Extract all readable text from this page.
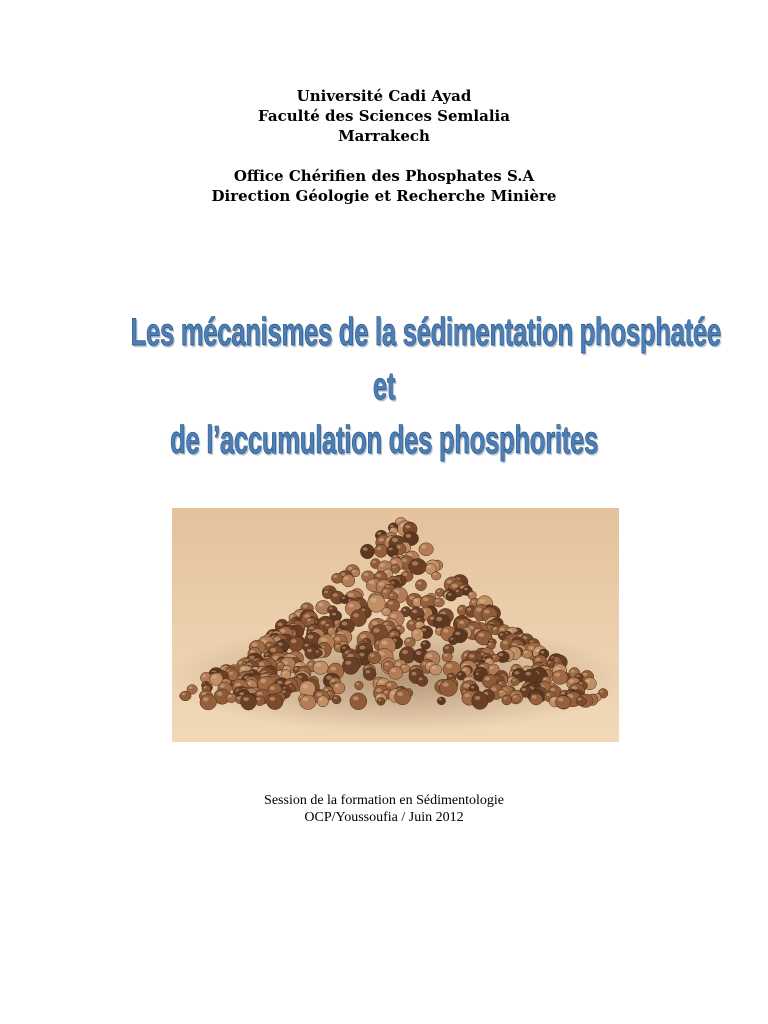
Université Cadi Ayad
Faculté des Sciences Semlalia
Marrakech
Office Chérifien des Phosphates S.A
Direction Géologie et Recherche Minière
Les mécanismes de la sédimentation phosphatée
et
de l’accumulation des phosphorites
Session de la formation en Sédimentologie
OCP/Youssoufia / Juin 2012
